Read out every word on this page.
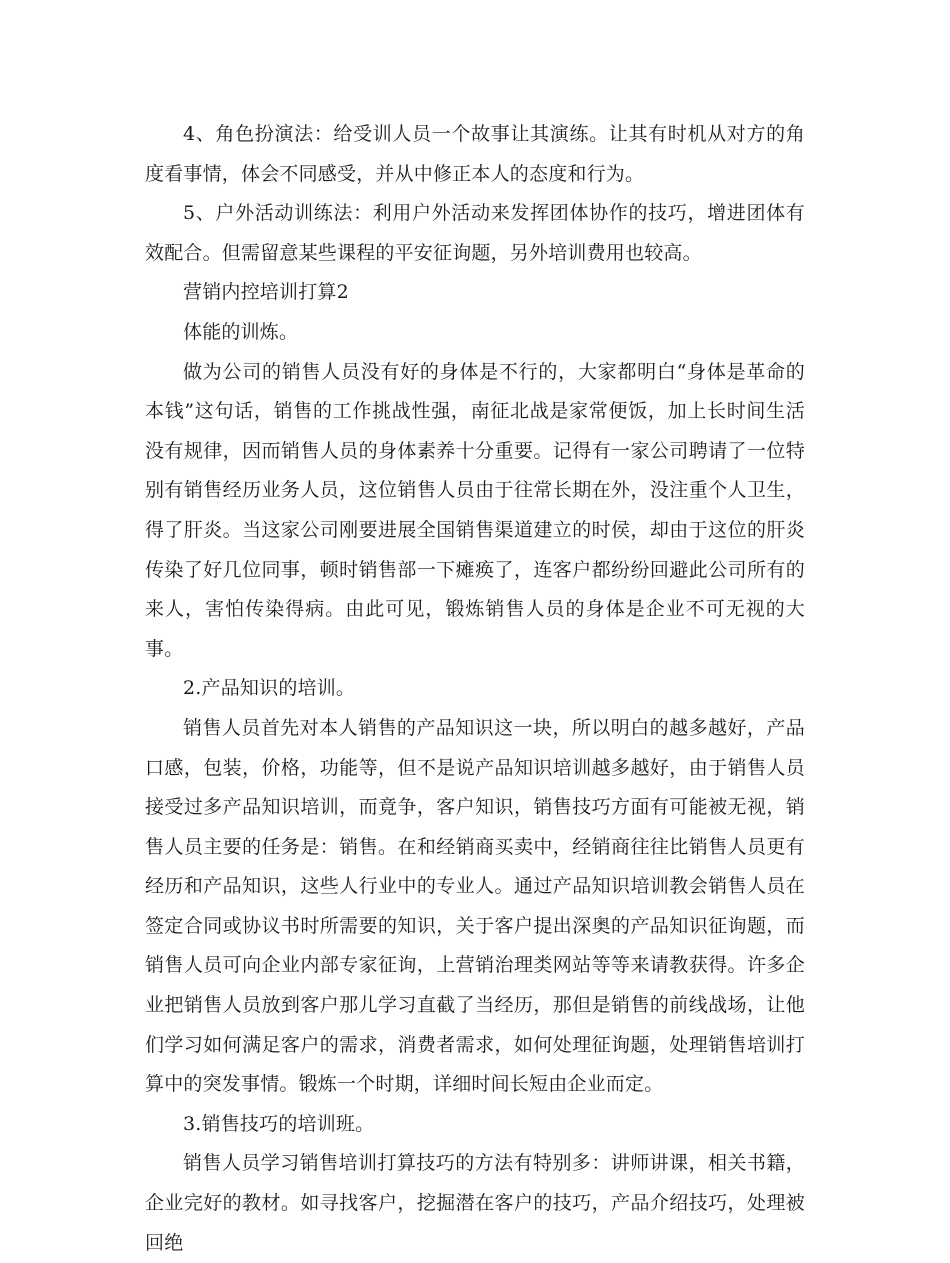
4、角色扮演法：给受训人员一个故事让其演练。让其有时机从对方的角度看事情，体会不同感受，并从中修正本人的态度和行为。

5、户外活动训练法：利用户外活动来发挥团体协作的技巧，增进团体有效配合。但需留意某些课程的平安征询题，另外培训费用也较高。

营销内控培训打算2

体能的训炼。

做为公司的销售人员没有好的身体是不行的，大家都明白“身体是革命的本钱”这句话，销售的工作挑战性强，南征北战是家常便饭，加上长时间生活没有规律，因而销售人员的身体素养十分重要。记得有一家公司聘请了一位特别有销售经历业务人员，这位销售人员由于往常长期在外，没注重个人卫生，得了肝炎。当这家公司刚要进展全国销售渠道建立的时侯，却由于这位的肝炎传染了好几位同事，顿时销售部一下瘫痪了，连客户都纷纷回避此公司所有的来人，害怕传染得病。由此可见，锻炼销售人员的身体是企业不可无视的大事。

2.产品知识的培训。

销售人员首先对本人销售的产品知识这一块，所以明白的越多越好，产品口感，包装，价格，功能等，但不是说产品知识培训越多越好，由于销售人员接受过多产品知识培训，而竟争，客户知识，销售技巧方面有可能被无视，销售人员主要的任务是：销售。在和经销商买卖中，经销商往往比销售人员更有经历和产品知识，这些人行业中的专业人。通过产品知识培训教会销售人员在签定合同或协议书时所需要的知识，关于客户提出深奥的产品知识征询题，而销售人员可向企业内部专家征询，上营销治理类网站等等来请教获得。许多企业把销售人员放到客户那儿学习直截了当经历，那但是销售的前线战场，让他们学习如何满足客户的需求，消费者需求，如何处理征询题，处理销售培训打算中的突发事情。锻炼一个时期，详细时间长短由企业而定。

3.销售技巧的培训班。

销售人员学习销售培训打算技巧的方法有特别多：讲师讲课，相关书籍，企业完好的教材。如寻找客户，挖掘潜在客户的技巧，产品介绍技巧，处理被回绝
